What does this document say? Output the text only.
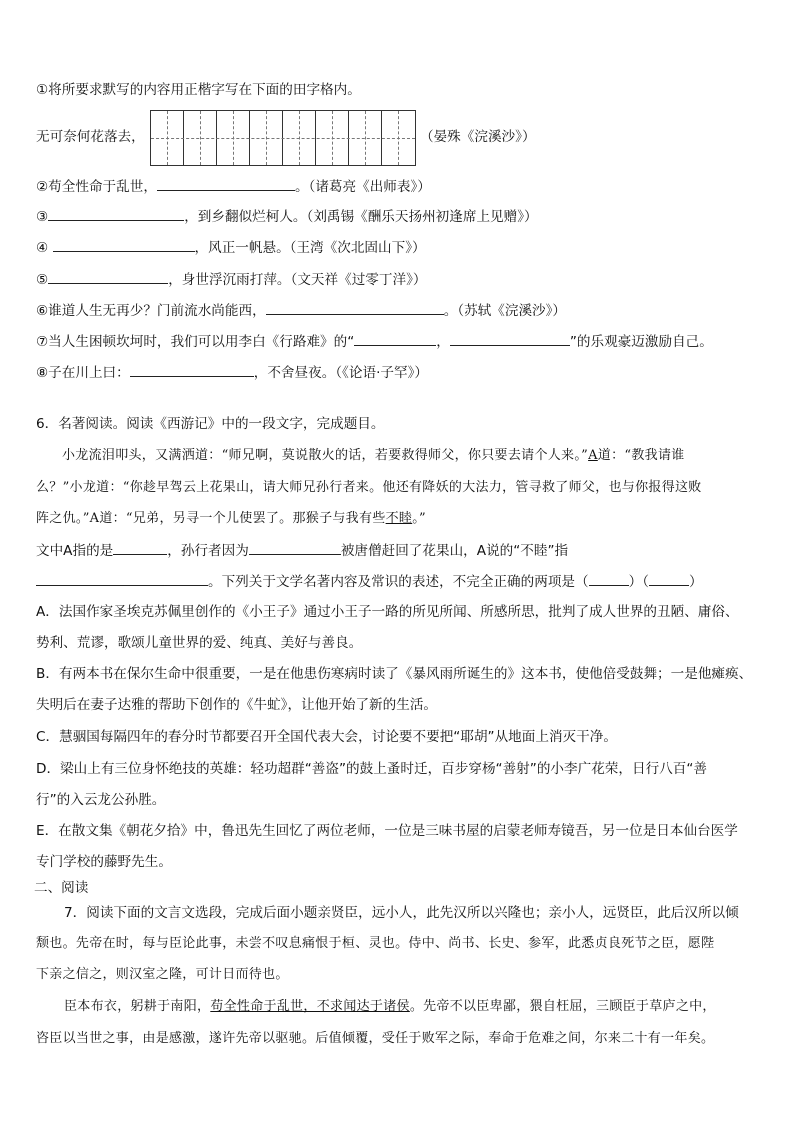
①将所要求默写的内容用正楷字写在下面的田字格内。
无可奈何花落去，	（晏殊《浣溪沙》）
②苟全性命于乱世，	。（诸葛亮《出师表》）
③	，到乡翻似烂柯人。（刘禹锡《酬乐天扬州初逢席上见赠》）
④	，风正一帆悬。（王湾《次北固山下》）
⑤	，身世浮沉雨打萍。（文天祥《过零丁洋》）
⑥谁道人生无再少？门前流水尚能西，	。（苏轼《浣溪沙》）
⑦当人生困顿坎坷时，我们可以用李白《行路难》的“	，	”的乐观豪迈激励自己。
⑧子在川上曰：	，不舍昼夜。（《论语·子罕》）
6．名著阅读。阅读《西游记》中的一段文字，完成题目。
小龙流泪叩头，又满洒道：“师兄啊，莫说散火的话，若要救得师父，你只要去请个人来。”A道：“教我请谁
么？”小龙道：“你趁早驾云上花果山，请大师兄孙行者来。他还有降妖的大法力，管寻救了师父，也与你报得这败
阵之仇。”A道：“兄弟，另寻一个儿使罢了。那猴子与我有些不睦。”
文中A指的是	，孙行者因为	被唐僧赶回了花果山，A说的“不睦”指
。下列关于文学名著内容及常识的表述，不完全正确的两项是（	）（	）
A．法国作家圣埃克苏佩里创作的《小王子》通过小王子一路的所见所闻、所感所思，批判了成人世界的丑陋、庸俗、
势利、荒谬，歌颂儿童世界的爱、纯真、美好与善良。
B．有两本书在保尔生命中很重要，一是在他患伤寒病时读了《暴风雨所诞生的》这本书，使他倍受鼓舞；一是他瘫痪、
失明后在妻子达雅的帮助下创作的《牛虻》，让他开始了新的生活。
C．慧骃国每隔四年的春分时节都要召开全国代表大会，讨论要不要把“耶胡”从地面上消灭干净。
D．梁山上有三位身怀绝技的英雄：轻功超群“善盗”的鼓上蚤时迁，百步穿杨“善射”的小李广花荣，日行八百“善
行”的入云龙公孙胜。
E．在散文集《朝花夕拾》中，鲁迅先生回忆了两位老师，一位是三味书屋的启蒙老师寿镜吾，另一位是日本仙台医学
专门学校的藤野先生。
二、阅读
7．阅读下面的文言文选段，完成后面小题亲贤臣，远小人，此先汉所以兴隆也；亲小人，远贤臣，此后汉所以倾
颓也。先帝在时，每与臣论此事，未尝不叹息痛恨于桓、灵也。侍中、尚书、长史、参军，此悉贞良死节之臣，愿陛
下亲之信之，则汉室之隆，可计日而待也。
臣本布衣，躬耕于南阳，苟全性命于乱世，不求闻达于诸侯。先帝不以臣卑鄙，猥自枉屈，三顾臣于草庐之中，
咨臣以当世之事，由是感激，遂许先帝以驱驰。后值倾覆，受任于败军之际，奉命于危难之间，尔来二十有一年矣。
